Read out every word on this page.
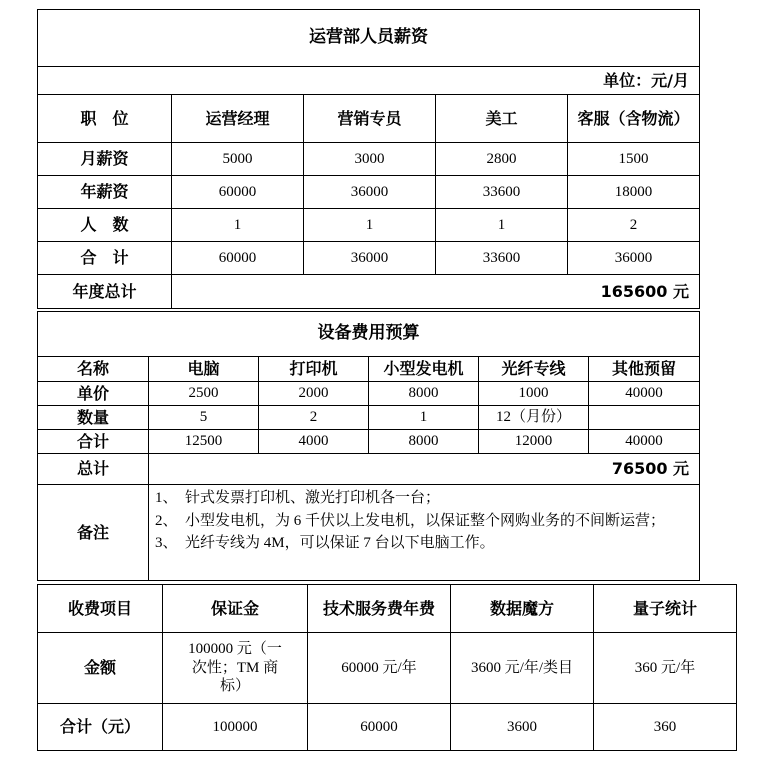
运营部人员薪资				
单位：元/月				
职　位	运营经理	营销专员	美工	客服（含物流）
月薪资	5000	3000	2800	1500
年薪资	60000	36000	33600	18000
人　数	1	1	1	2
合　计	60000	36000	33600	36000
年度总计	165600 元			
设备费用预算					
名称	电脑	打印机	小型发电机	光纤专线	其他预留
单价	2500	2000	8000	1000	40000
数量	5	2	1	12（月份）	
合计	12500	4000	8000	12000	40000
总计	76500 元				
备注	1、　针式发票打印机、激光打印机各一台；
2、　小型发电机，为 6 千伏以上发电机，以保证整个网购业务的不间断运营；
3、　光纤专线为 4M，可以保证 7 台以下电脑工作。				
收费项目	保证金	技术服务费年费	数据魔方	量子统计
金额	100000 元（一次性；TM 商标）	60000 元/年	3600 元/年/类目	360 元/年
合计（元）	100000	60000	3600	360
